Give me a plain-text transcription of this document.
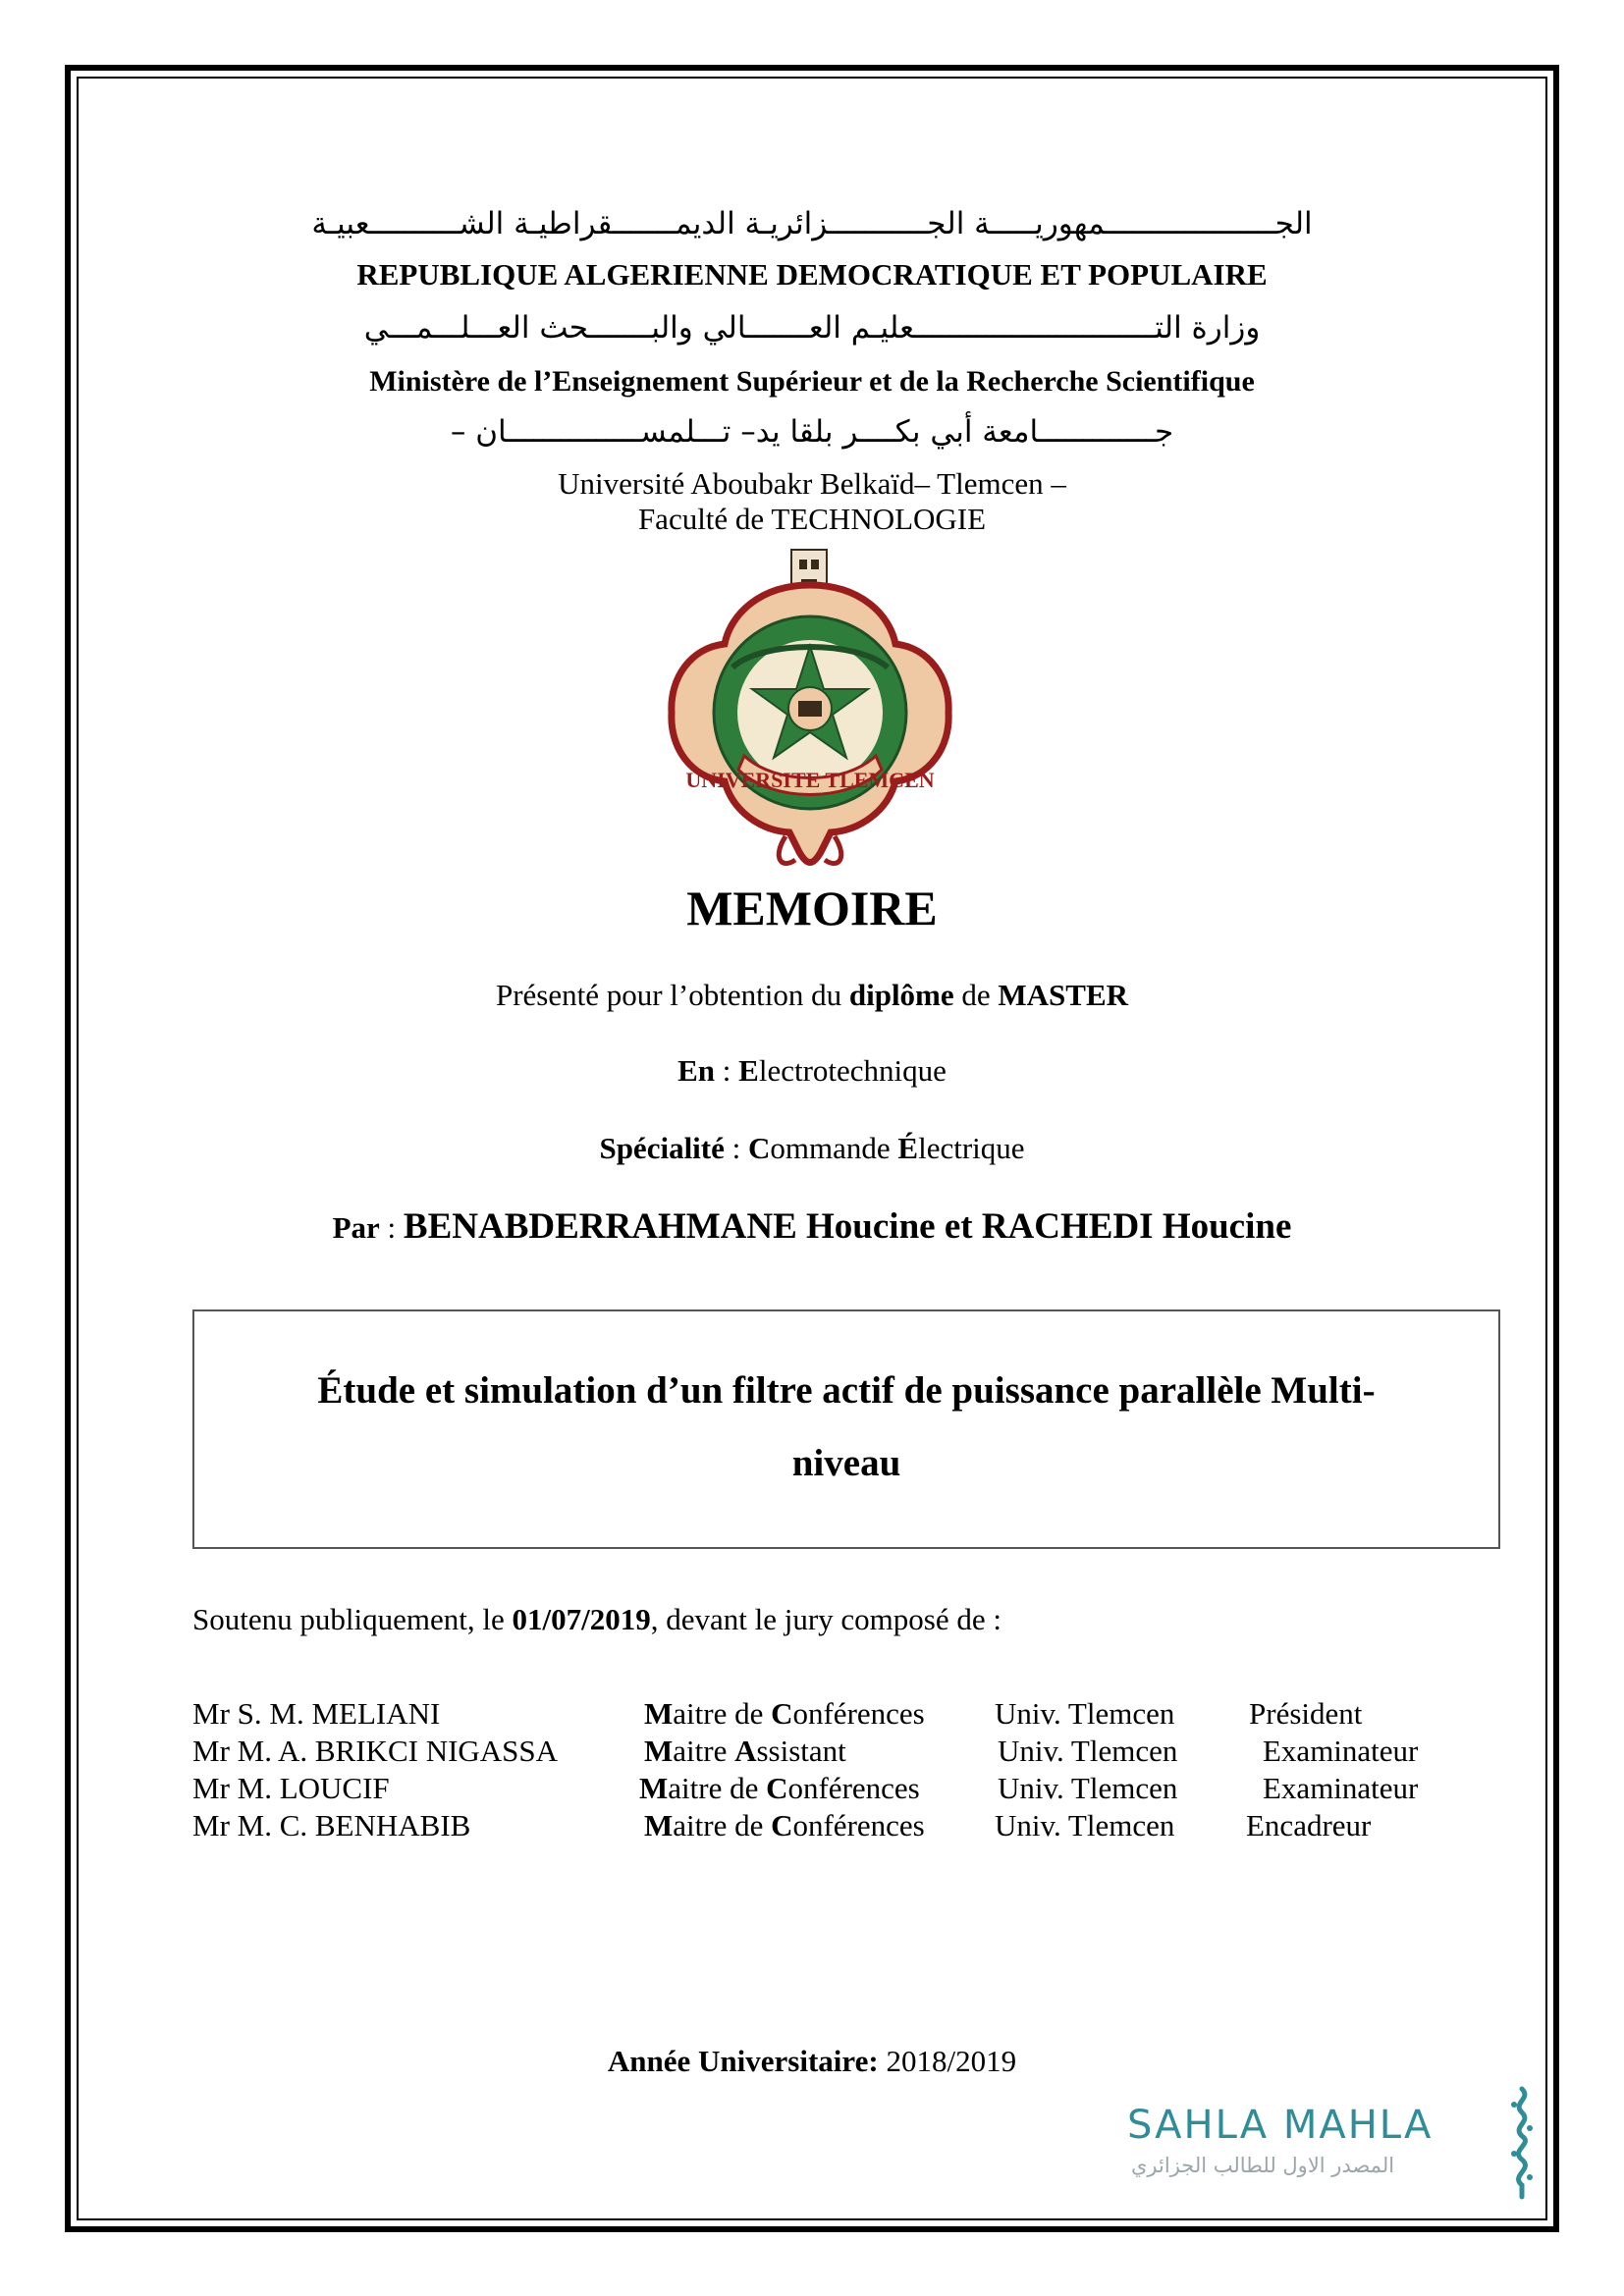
الجـــــــــــــــــــمهوريـــــة الجـــــــــــزائريـة الديمـــــــقراطيـة الشــــــــــعبيـة
REPUBLIQUE ALGERIENNE DEMOCRATIQUE ET POPULAIRE
وزارة التـــــــــــــــــــــــــــعليـم العـــــــالي والبـــــــحث العـــلـــمـــي
Ministère de l’Enseignement Supérieur et de la Recherche Scientifique
جـــــــــــــامعة أبي بكــــر بلقا يد– تـــلمســـــــــــــــان –
Université Aboubakr Belkaïd– Tlemcen –
Faculté de TECHNOLOGIE
UNIVERSITE TLEMCEN
MEMOIRE
Présenté pour l’obtention du diplôme de MASTER
En : Electrotechnique
Spécialité : Commande Électrique
Par : BENABDERRAHMANE Houcine et RACHEDI Houcine
Étude et simulation d’un filtre actif de puissance parallèle Multi-
niveau
Soutenu publiquement, le 01/07/2019, devant le jury composé de :
Mr S. M. MELIANI	Maitre de Conférences Univ. Tlemcen Président
Mr M. A. BRIKCI NIGASSA	Maitre Assistant	Univ. Tlemcen	Examinateur
Mr M. LOUCIF	Maitre de Conférences	Univ. Tlemcen	Examinateur
Mr M. C. BENHABIB	Maitre de Conférences Univ. Tlemcen Encadreur
Année Universitaire: 2018/2019
SAHLA MAHLA
المصدر الاول للطالب الجزائري
